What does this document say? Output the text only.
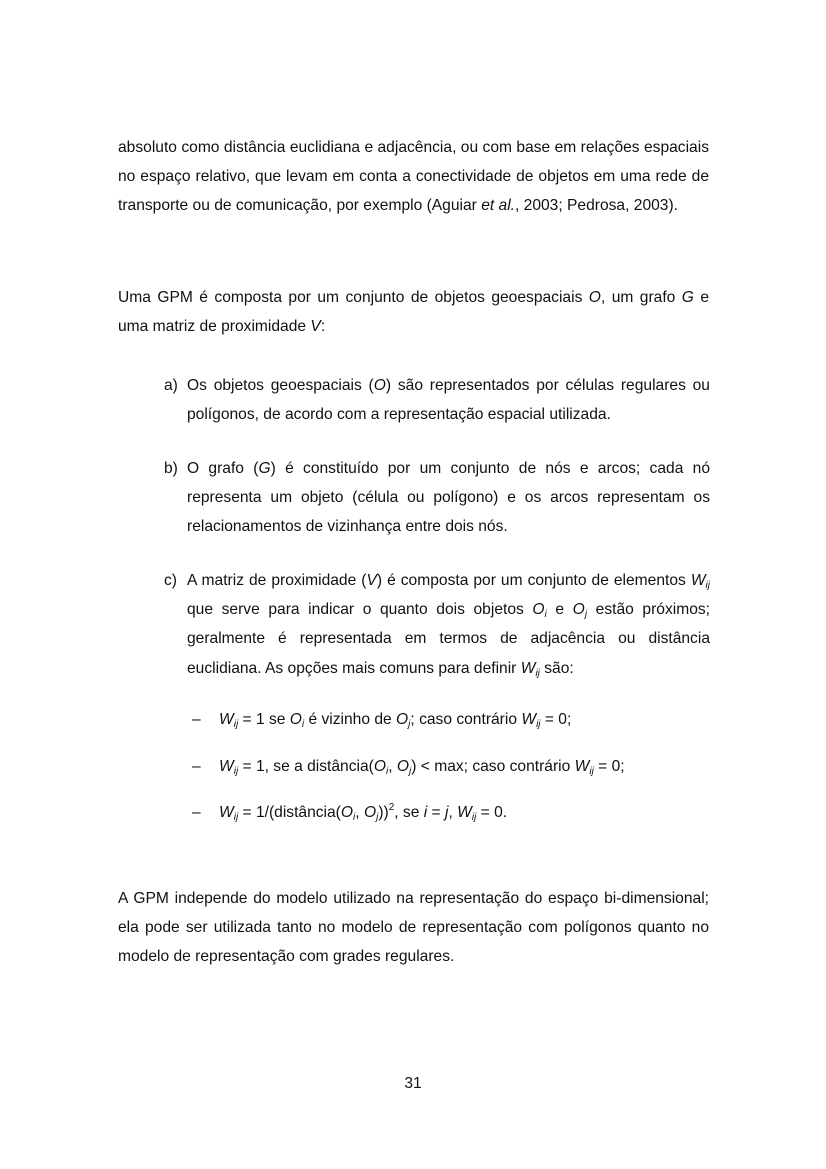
absoluto como distância euclidiana e adjacência, ou com base em relações espaciais no espaço relativo, que levam em conta a conectividade de objetos em uma rede de transporte ou de comunicação, por exemplo (Aguiar et al., 2003; Pedrosa, 2003).

Uma GPM é composta por um conjunto de objetos geoespaciais O, um grafo G e uma matriz de proximidade V:

a) Os objetos geoespaciais (O) são representados por células regulares ou polígonos, de acordo com a representação espacial utilizada.
b) O grafo (G) é constituído por um conjunto de nós e arcos; cada nó representa um objeto (célula ou polígono) e os arcos representam os relacionamentos de vizinhança entre dois nós.
c) A matriz de proximidade (V) é composta por um conjunto de elementos $W_{ij}$ que serve para indicar o quanto dois objetos $O_i$ e $O_j$ estão próximos; geralmente é representada em termos de adjacência ou distância euclidiana. As opções mais comuns para definir $W_{ij}$ são:
– $W_{ij} = 1$ se $O_i$ é vizinho de $O_j$; caso contrário $W_{ij} = 0$;
– $W_{ij} = 1$, se a $distância(O_i$, $O_j) < \max$; caso contrário $W_{ij} = 0$;
– $W_{ij}$ = $1/(distância(O_i$, $O_j))^2$, se i = j, $W_{ij} = 0$.

A GPM independe do modelo utilizado na representação do espaço bi-dimensional; ela pode ser utilizada tanto no modelo de representação com polígonos quanto no modelo de representação com grades regulares.

31
